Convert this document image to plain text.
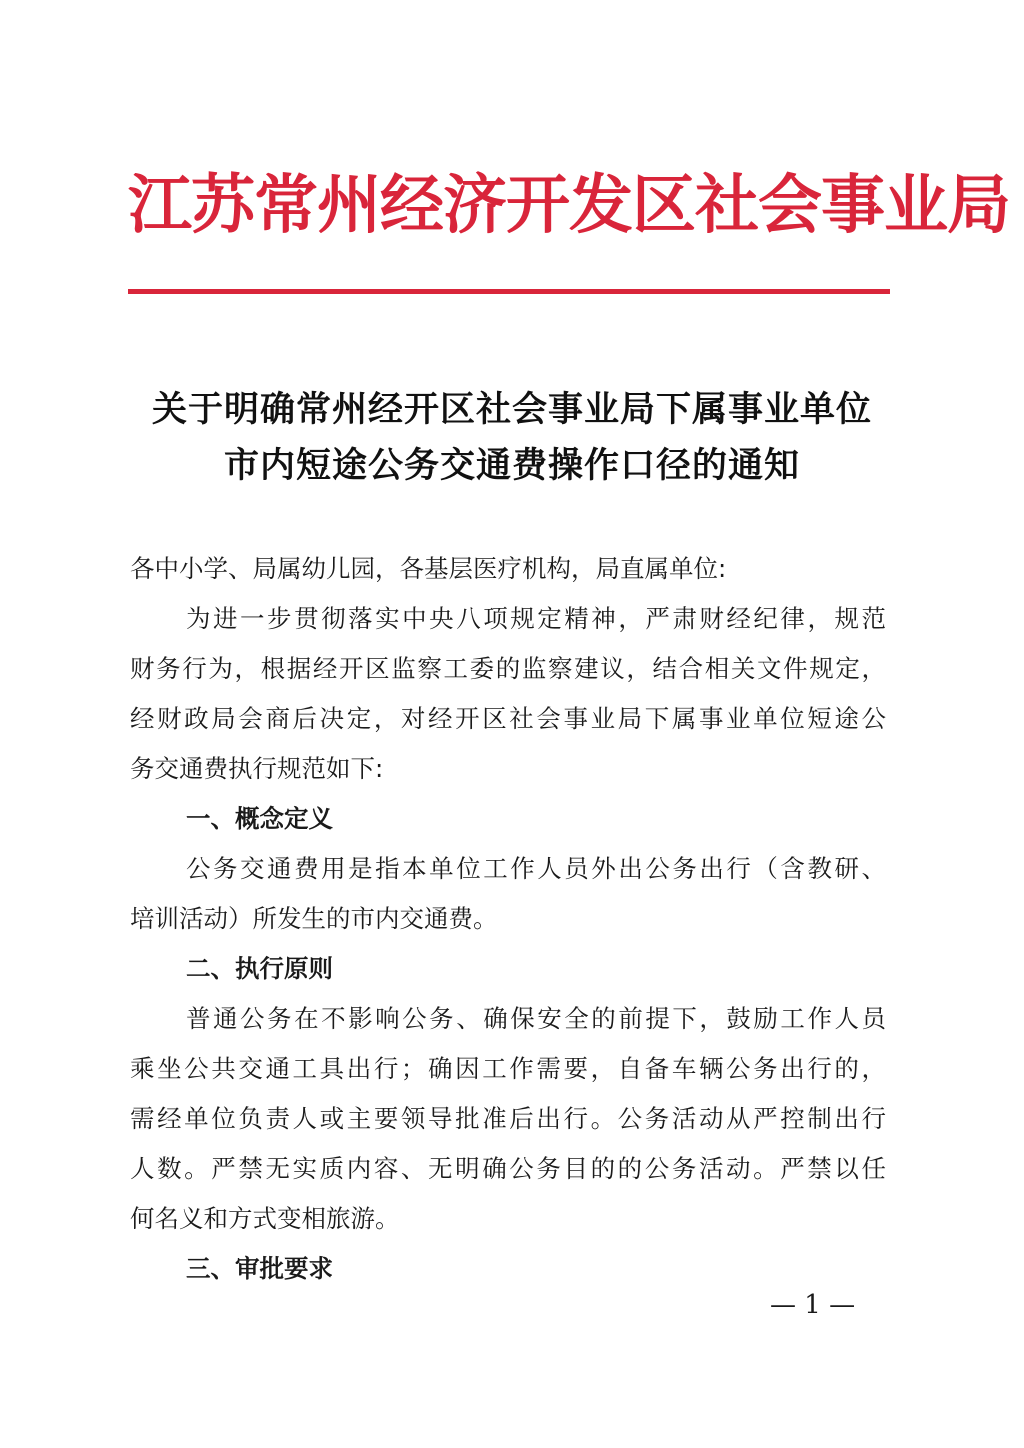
江苏常州经济开发区社会事业局
关于明确常州经开区社会事业局下属事业单位
市内短途公务交通费操作口径的通知
各中小学、局属幼儿园，各基层医疗机构，局直属单位:
为进一步贯彻落实中央八项规定精神，严肃财经纪律，规范
财务行为，根据经开区监察工委的监察建议，结合相关文件规定，
经财政局会商后决定，对经开区社会事业局下属事业单位短途公
务交通费执行规范如下:
一、概念定义
公务交通费用是指本单位工作人员外出公务出行（含教研、
培训活动）所发生的市内交通费。
二、执行原则
普通公务在不影响公务、确保安全的前提下，鼓励工作人员
乘坐公共交通工具出行；确因工作需要，自备车辆公务出行的，
需经单位负责人或主要领导批准后出行。公务活动从严控制出行
人数。严禁无实质内容、无明确公务目的的公务活动。严禁以任
何名义和方式变相旅游。
三、审批要求
— 1 —
